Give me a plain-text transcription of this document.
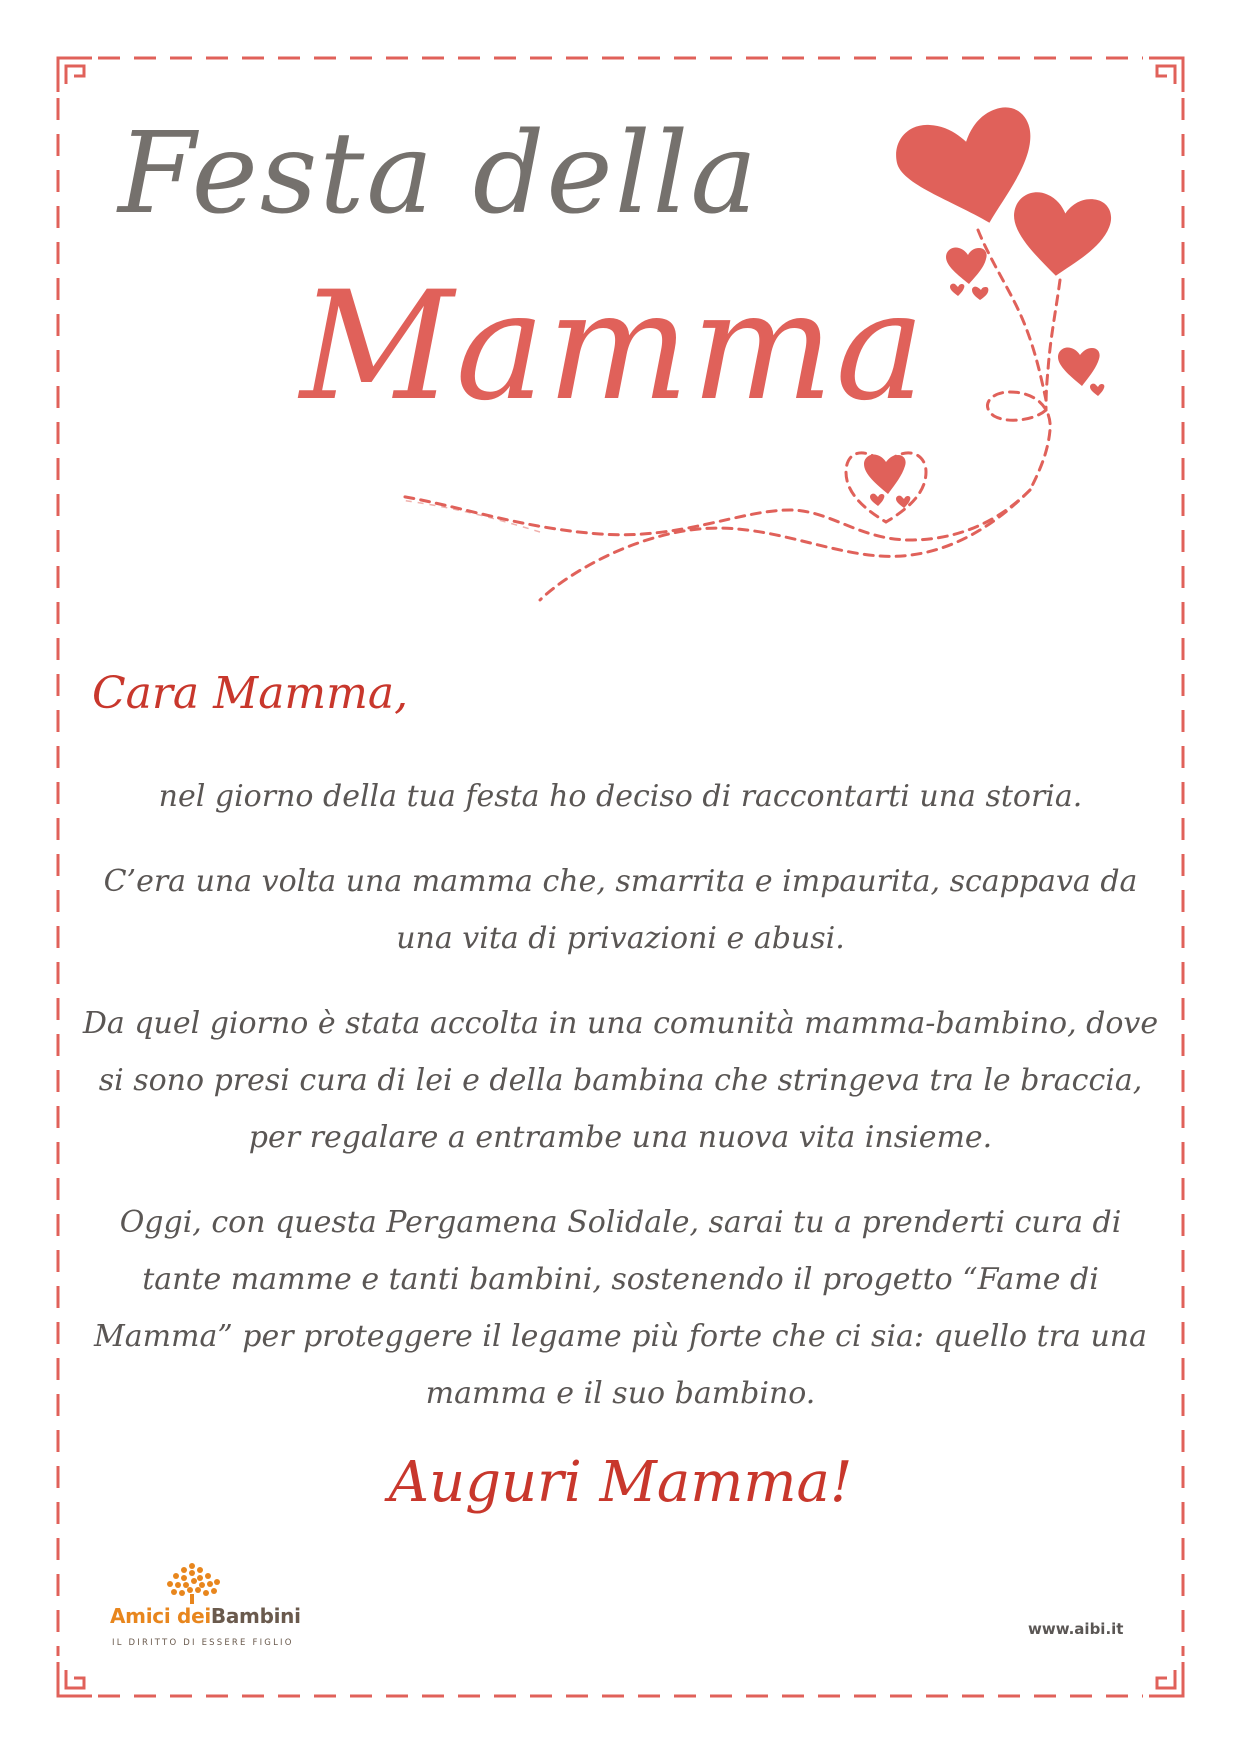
Festa della
Mamma
Cara Mamma,

nel giorno della tua festa ho deciso di raccontarti una storia.

C’era una volta una mamma che, smarrita e impaurita, scappava da una vita di privazioni e abusi.

Da quel giorno è stata accolta in una comunità mamma-bambino, dove si sono presi cura di lei e della bambina che stringeva tra le braccia, per regalare a entrambe una nuova vita insieme.

Oggi, con questa Pergamena Solidale, sarai tu a prenderti cura di tante mamme e tanti bambini, sostenendo il progetto “Fame di Mamma” per proteggere il legame più forte che ci sia: quello tra una mamma e il suo bambino.

Auguri Mamma!
Amici deiBambini
IL DIRITTO DI ESSERE FIGLIO
www.aibi.it
